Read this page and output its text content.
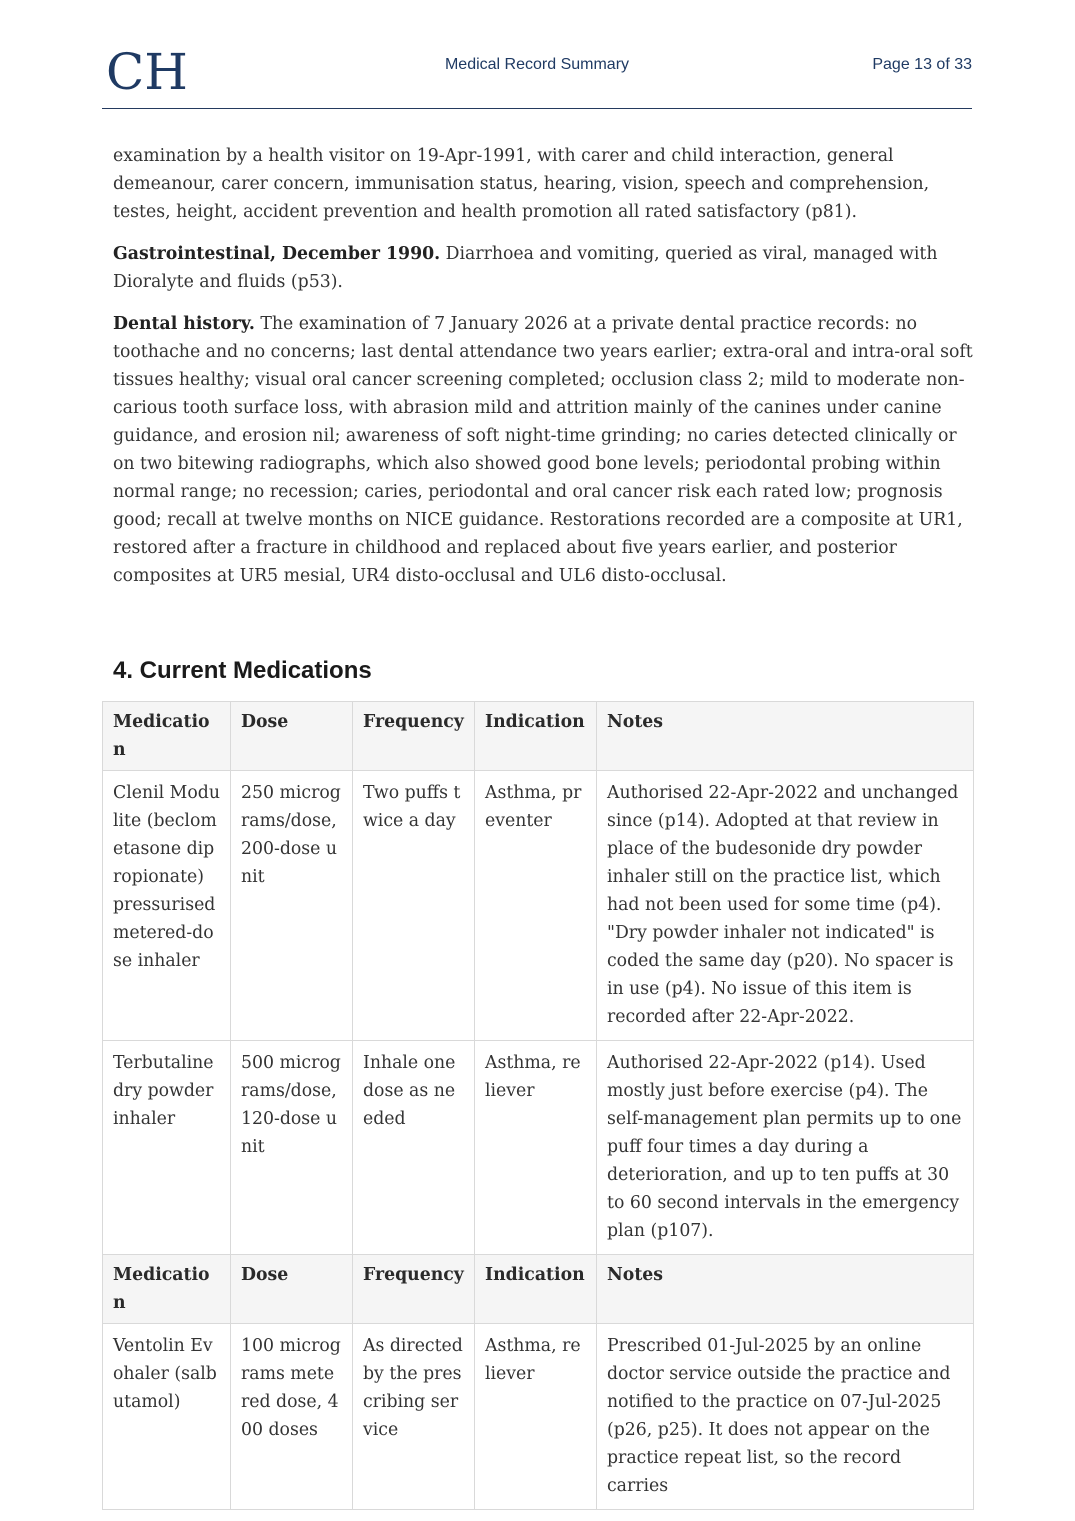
CH	Medical Record Summary	Page 13 of 33

examination by a health visitor on 19-Apr-1991, with carer and child interaction, general demeanour, carer concern, immunisation status, hearing, vision, speech and comprehension, testes, height, accident prevention and health promotion all rated satisfactory (p81).

Gastrointestinal, December 1990. Diarrhoea and vomiting, queried as viral, managed with Dioralyte and fluids (p53).

Dental history. The examination of 7 January 2026 at a private dental practice records: no toothache and no concerns; last dental attendance two years earlier; extra-oral and intra-oral soft tissues healthy; visual oral cancer screening completed; occlusion class 2; mild to moderate non-carious tooth surface loss, with abrasion mild and attrition mainly of the canines under canine guidance, and erosion nil; awareness of soft night-time grinding; no caries detected clinically or on two bitewing radiographs, which also showed good bone levels; periodontal probing within normal range; no recession; caries, periodontal and oral cancer risk each rated low; prognosis good; recall at twelve months on NICE guidance. Restorations recorded are a composite at UR1, restored after a fracture in childhood and replaced about five years earlier, and posterior composites at UR5 mesial, UR4 disto-occlusal and UL6 disto-occlusal.

4. Current Medications
Medication	Dose	Frequency	Indication	Notes
Clenil Modulite (beclometasone dipropionate) pressurised metered-dose inhaler	250 micrograms/dose, 200-dose unit	Two puffs twice a day	Asthma, preventer	Authorised 22-Apr-2022 and unchanged since (p14). Adopted at that review in place of the budesonide dry powder inhaler still on the practice list, which had not been used for some time (p4). "Dry powder inhaler not indicated" is coded the same day (p20). No spacer is in use (p4). No issue of this item is recorded after 22-Apr-2022.
Terbutaline dry powder inhaler	500 micrograms/dose, 120-dose unit	Inhale one dose as needed	Asthma, reliever	Authorised 22-Apr-2022 (p14). Used mostly just before exercise (p4). The self-management plan permits up to one puff four times a day during a deterioration, and up to ten puffs at 30 to 60 second intervals in the emergency plan (p107).
Medication	Dose	Frequency	Indication	Notes
Ventolin Evohaler (salbutamol)	100 micrograms metered dose, 400 doses	As directed by the prescribing service	Asthma, reliever	Prescribed 01-Jul-2025 by an online doctor service outside the practice and notified to the practice on 07-Jul-2025 (p26, p25). It does not appear on the practice repeat list, so the record carries
